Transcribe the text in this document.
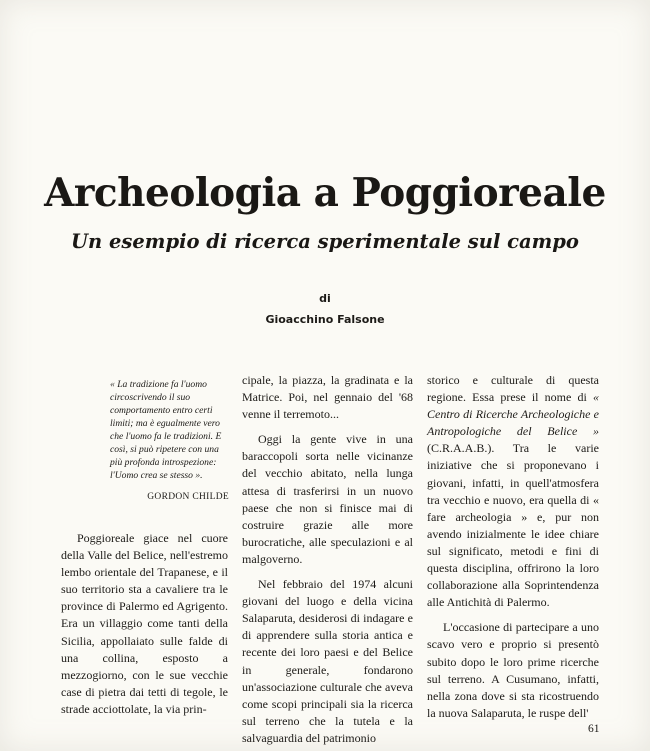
Archeologia a Poggioreale
Un esempio di ricerca sperimentale sul campo
di
Gioacchino Falsone
« La tradizione fa l'uomo circoscrivendo il suo comportamento entro certi limiti; ma è egualmente vero che l'uomo fa le tradizioni. E così, si può ripetere con una più profonda introspezione: l'Uomo crea se stesso ».
GORDON CHILDE

Poggioreale giace nel cuore della Valle del Belice, nell'estremo lembo orientale del Trapanese, e il suo territorio sta a cavaliere tra le province di Palermo ed Agrigento. Era un villaggio come tanti della Sicilia, appollaiato sulle falde di una collina, esposto a mezzogiorno, con le sue vecchie case di pietra dai tetti di tegole, le strade acciottolate, la via prin-

cipale, la piazza, la gradinata e la Matrice. Poi, nel gennaio del '68 venne il terremoto...

Oggi la gente vive in una baraccopoli sorta nelle vicinanze del vecchio abitato, nella lunga attesa di trasferirsi in un nuovo paese che non si finisce mai di costruire grazie alle more burocratiche, alle speculazioni e al malgoverno.

Nel febbraio del 1974 alcuni giovani del luogo e della vicina Salaparuta, desiderosi di indagare e di apprendere sulla storia antica e recente dei loro paesi e del Belice in generale, fondarono un'associazione culturale che aveva come scopi principali sia la ricerca sul terreno che la tutela e la salvaguardia del patrimonio

storico e culturale di questa regione. Essa prese il nome di « Centro di Ricerche Archeologiche e Antropologiche del Belice » (C.R.A.A.B.). Tra le varie iniziative che si proponevano i giovani, infatti, in quell'atmosfera tra vecchio e nuovo, era quella di « fare archeologia » e, pur non avendo inizialmente le idee chiare sul significato, metodi e fini di questa disciplina, offrirono la loro collaborazione alla Soprintendenza alle Antichità di Palermo.

L'occasione di partecipare a uno scavo vero e proprio si presentò subito dopo le loro prime ricerche sul terreno. A Cusumano, infatti, nella zona dove si sta ricostruendo la nuova Salaparuta, le ruspe dell'

61
